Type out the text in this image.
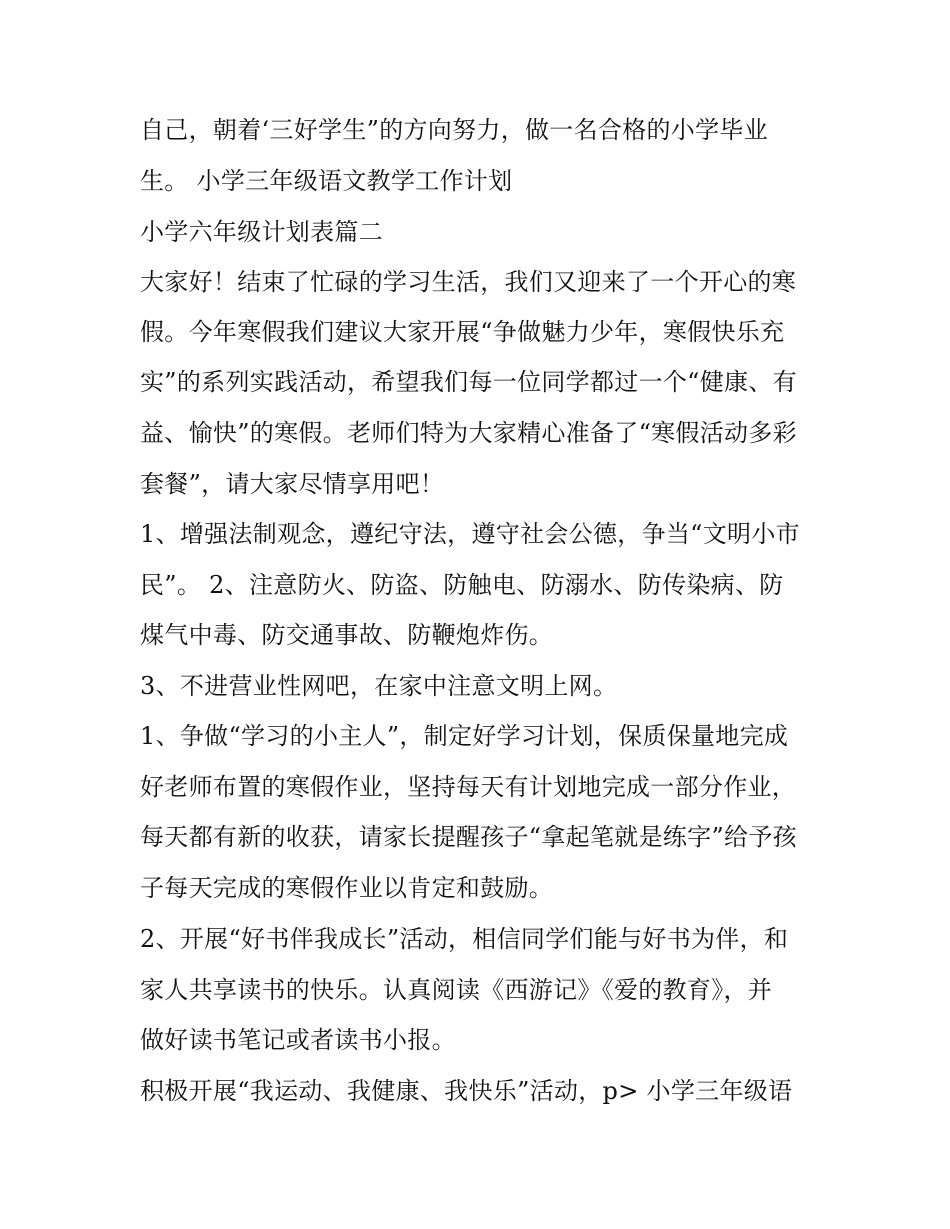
自己，朝着‘三好学生”的方向努力，做一名合格的小学毕业

生。 小学三年级语文教学工作计划

小学六年级计划表篇二

大家好！结束了忙碌的学习生活，我们又迎来了一个开心的寒

假。今年寒假我们建议大家开展“争做魅力少年，寒假快乐充

实”的系列实践活动，希望我们每一位同学都过一个“健康、有

益、愉快”的寒假。老师们特为大家精心准备了“寒假活动多彩

套餐”，请大家尽情享用吧！

1、增强法制观念，遵纪守法，遵守社会公德，争当“文明小市

民”。 2、注意防火、防盗、防触电、防溺水、防传染病、防

煤气中毒、防交通事故、防鞭炮炸伤。

3、不进营业性网吧，在家中注意文明上网。

1、争做“学习的小主人”，制定好学习计划，保质保量地完成

好老师布置的寒假作业，坚持每天有计划地完成一部分作业，

每天都有新的收获，请家长提醒孩子“拿起笔就是练字”给予孩

子每天完成的寒假作业以肯定和鼓励。

2、开展“好书伴我成长”活动，相信同学们能与好书为伴，和

家人共享读书的快乐。认真阅读《西游记》《爱的教育》，并

做好读书笔记或者读书小报。

积极开展“我运动、我健康、我快乐”活动，p> 小学三年级语
